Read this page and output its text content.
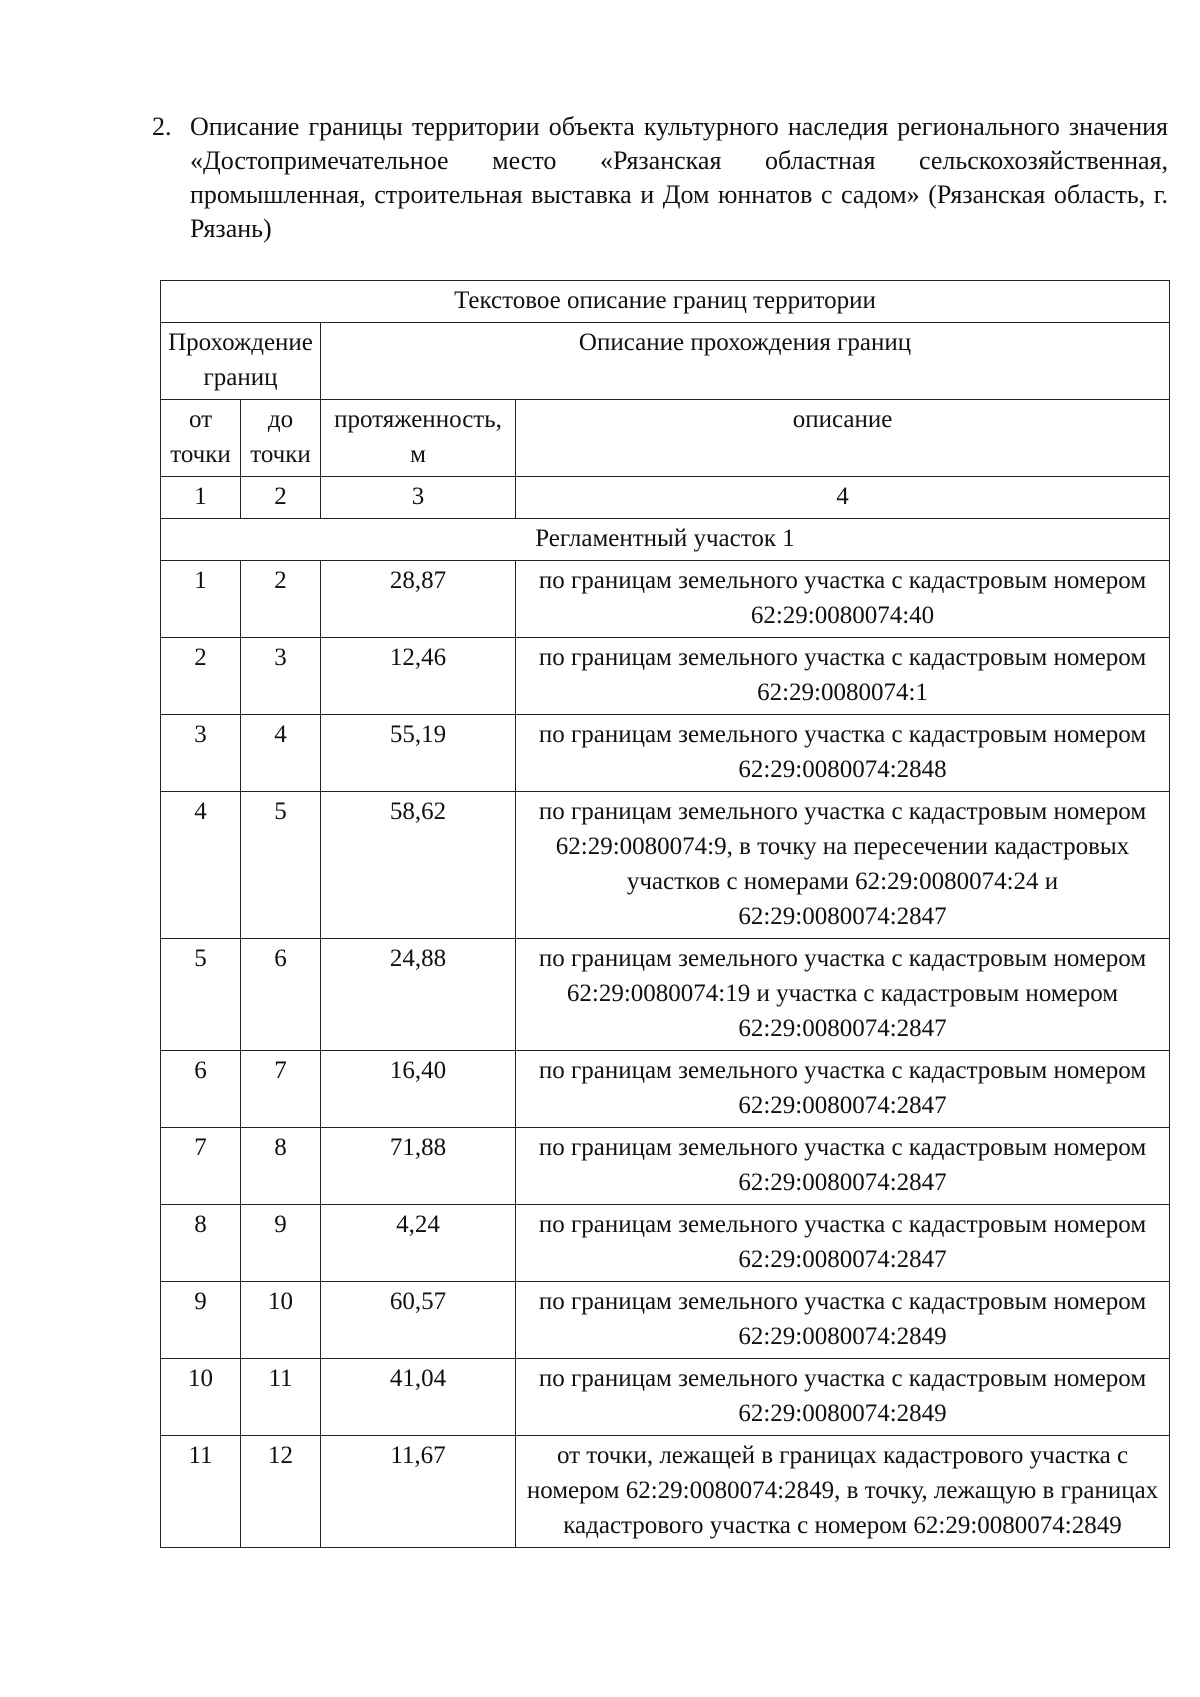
2. Описание границы территории объекта культурного наследия регионального значения «Достопримечательное место «Рязанская областная сельскохозяйственная, промышленная, строительная выставка и Дом юннатов с садом» (Рязанская область, г. Рязань)
Текстовое описание границ территории			
Прохождение границ		Описание прохождения границ	
от точки	до точки	протяженность, м	описание
1	2	3	4
Регламентный участок 1			
1	2	28,87	по границам земельного участка с кадастровым номером 62:29:0080074:40
2	3	12,46	по границам земельного участка с кадастровым номером 62:29:0080074:1
3	4	55,19	по границам земельного участка с кадастровым номером 62:29:0080074:2848
4	5	58,62	по границам земельного участка с кадастровым номером 62:29:0080074:9, в точку на пересечении кадастровых участков с номерами 62:29:0080074:24 и 62:29:0080074:2847
5	6	24,88	по границам земельного участка с кадастровым номером 62:29:0080074:19 и участка с кадастровым номером 62:29:0080074:2847
6	7	16,40	по границам земельного участка с кадастровым номером 62:29:0080074:2847
7	8	71,88	по границам земельного участка с кадастровым номером 62:29:0080074:2847
8	9	4,24	по границам земельного участка с кадастровым номером 62:29:0080074:2847
9	10	60,57	по границам земельного участка с кадастровым номером 62:29:0080074:2849
10	11	41,04	по границам земельного участка с кадастровым номером 62:29:0080074:2849
11	12	11,67	от точки, лежащей в границах кадастрового участка с номером 62:29:0080074:2849, в точку, лежащую в границах кадастрового участка с номером 62:29:0080074:2849
